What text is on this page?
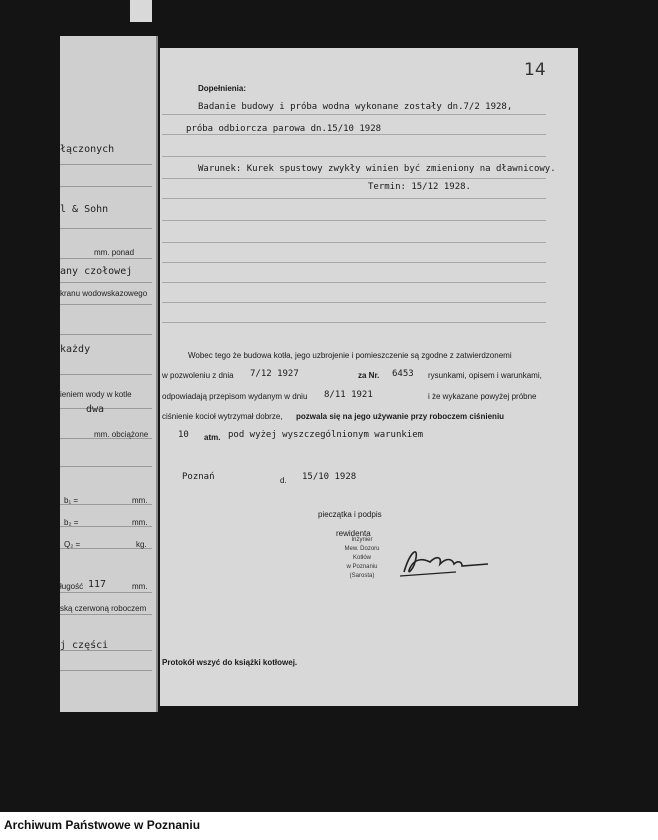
łączonych
l & Sohn
mm. ponad
any czołowej
kranu wodowskazowego
każdy
ieniem wody w kotle
dwa
mm. obciążone
b₁ =	mm.
b₂ =	mm.
Q₂ =	kg.
ługość 117	mm.
ską czerwoną roboczem
j części
14
Dopełnienia:
Badanie budowy i próba wodna wykonane zostały dn.7/2 1928,
próba odbiorcza parowa dn.15/10 1928
Warunek: Kurek spustowy zwykły winien być zmieniony na dławnicowy.
Termin: 15/12 1928.
Wobec tego że budowa kotła, jego uzbrojenie i pomieszczenie są zgodne z zatwierdzonemi
w pozwoleniu z dnia 7/12 1927	za Nr. 6453 rysunkami, opisem i warunkami,
odpowiadają przepisom wydanym w dniu 8/11 1921	i że wykazane powyżej próbne
ciśnienie kocioł wytrzymał dobrze, pozwala się na jego używanie przy roboczem ciśnieniu
10 atm. pod wyżej wyszczególnionym warunkiem
Poznań	d. 15/10 1928
pieczątka i podpis
rewidenta
Inżynier
Mew. Dozoru Kotłów
w Poznaniu
(Sarosta)
Protokół wszyć do książki kotłowej.
Archiwum Państwowe w Poznaniu
